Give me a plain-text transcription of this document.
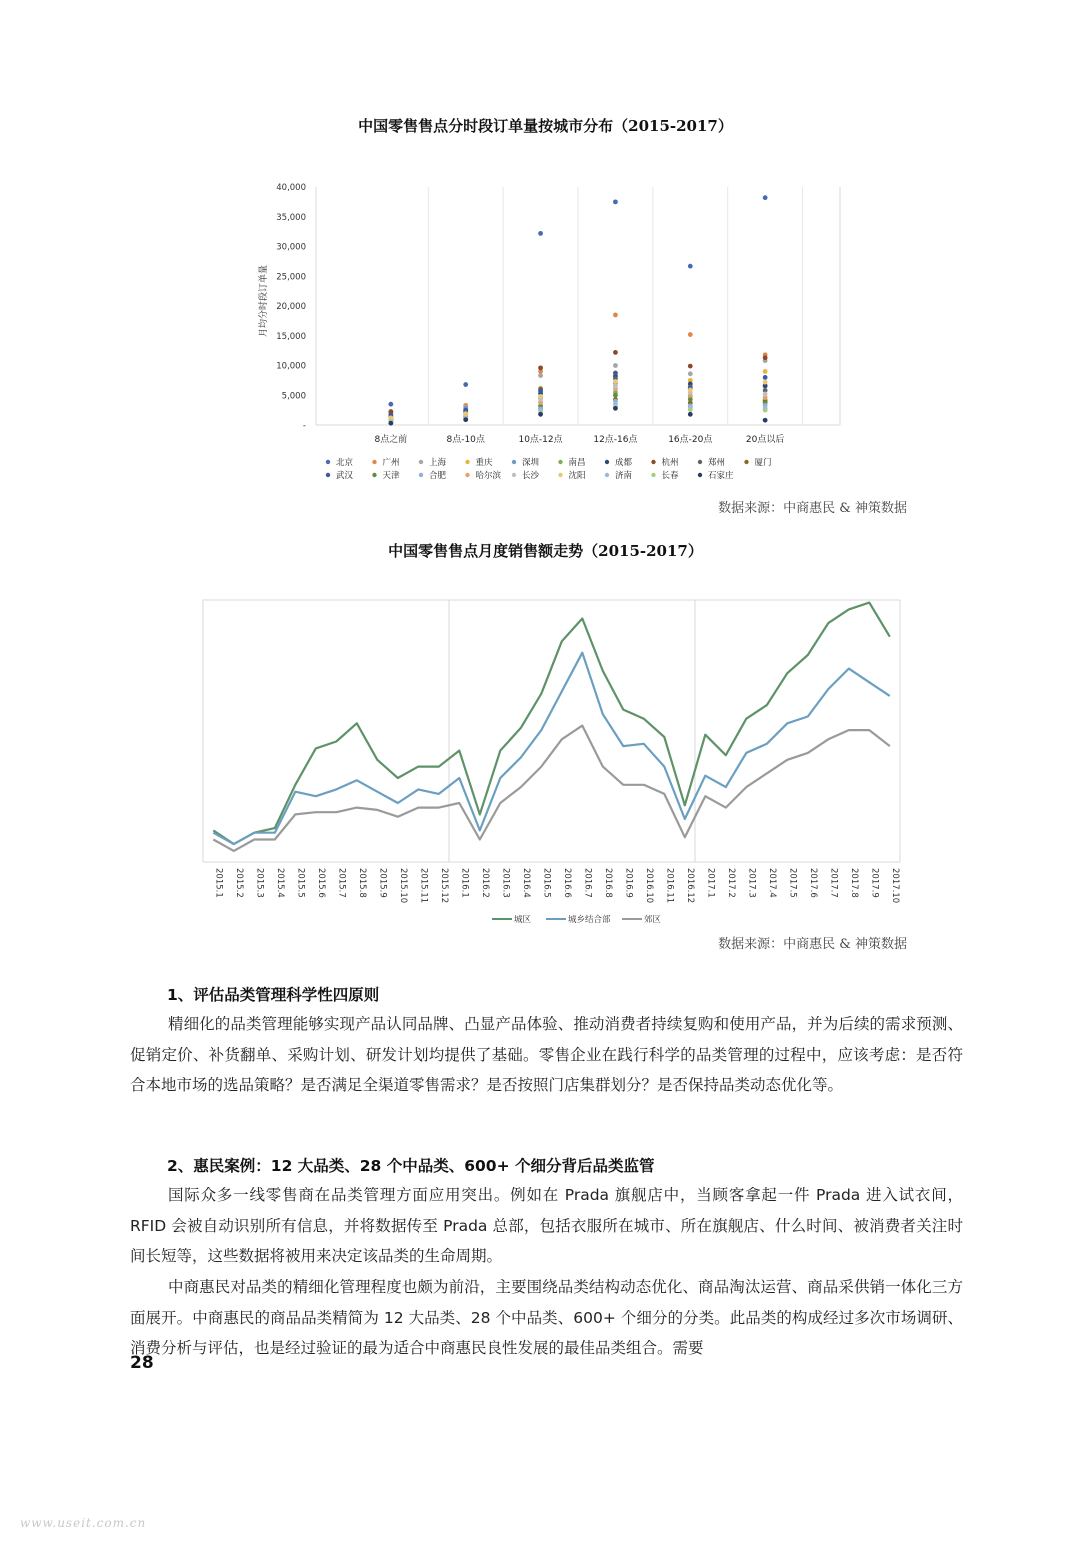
中国零售售点分时段订单量按城市分布（2015-2017）
40,000
35,000
30,000
25,000
20,000
15,000
10,000
5,000
-
月均分时段订单量
8点之前	8点-10点	10点-12点	12点-16点	16点-20点	20点以后
北京	广州	上海	重庆	深圳	南昌	成都	杭州	郑州	厦门
武汉	天津	合肥	哈尔滨 长沙	沈阳	济南	长春	石家庄
数据来源：中商惠民 & 神策数据
中国零售售点月度销售额走势（2015-2017）
2015.1 2015.2 2015.3 2015.4 2015.5 2015.6 2015.7 2015.8 2015.9 2015.10 2015.11 2015.12 2016.1 2016.2 2016.3 2016.4 2016.5 2016.6 2016.7 2016.8 2016.9 2016.10 2016.11 2016.12 2017.1 2017.2 2017.3 2017.4 2017.5 2017.6 2017.7 2017.8 2017.9 2017.10
城区	城乡结合部	郊区
数据来源：中商惠民 & 神策数据
1、评估品类管理科学性四原则

精细化的品类管理能够实现产品认同品牌、凸显产品体验、推动消费者持续复购和使用产品，并为后续的需求预测、促销定价、补货翻单、采购计划、研发计划均提供了基础。零售企业在践行科学的品类管理的过程中，应该考虑：是否符合本地市场的选品策略？是否满足全渠道零售需求？是否按照门店集群划分？是否保持品类动态优化等。

2、惠民案例：12 大品类、28 个中品类、600+ 个细分背后品类监管

国际众多一线零售商在品类管理方面应用突出。例如在 Prada 旗舰店中，当顾客拿起一件 Prada 进入试衣间，RFID 会被自动识别所有信息，并将数据传至 Prada 总部，包括衣服所在城市、所在旗舰店、什么时间、被消费者关注时间长短等，这些数据将被用来决定该品类的生命周期。

中商惠民对品类的精细化管理程度也颇为前沿，主要围绕品类结构动态优化、商品淘汰运营、商品采供销一体化三方面展开。中商惠民的商品品类精简为 12 大品类、28 个中品类、600+ 个细分的分类。此品类的构成经过多次市场调研、消费分析与评估，也是经过验证的最为适合中商惠民良性发展的最佳品类组合。需要

28
www.useit.com.cn
